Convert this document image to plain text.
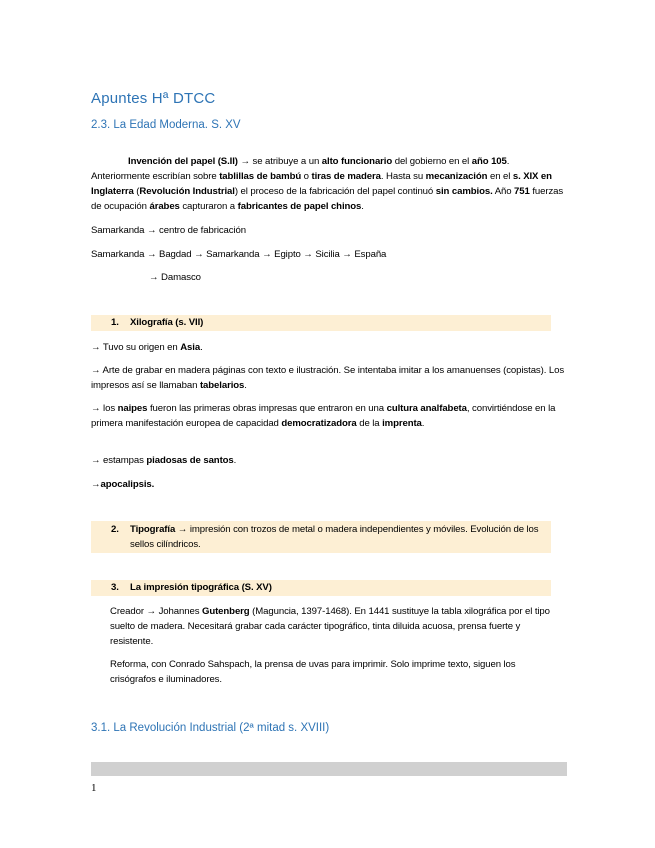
Apuntes Hª DTCC
2.3. La Edad Moderna. S. XV
Invención del papel (S.II) → se atribuye a un alto funcionario del gobierno en el año 105. Anteriormente escribían sobre tablillas de bambú o tiras de madera. Hasta su mecanización en el s. XIX en Inglaterra (Revolución Industrial) el proceso de la fabricación del papel continuó sin cambios. Año 751 fuerzas de ocupación árabes capturaron a fabricantes de papel chinos.
Samarkanda → centro de fabricación
Samarkanda → Bagdad → Samarkanda → Egipto → Sicilia → España
→ Damasco
1. Xilografía (s. VII)
→ Tuvo su origen en Asia.
→ Arte de grabar en madera páginas con texto e ilustración. Se intentaba imitar a los amanuenses (copistas). Los impresos así se llamaban tabelarios.
→ los naipes fueron las primeras obras impresas que entraron en una cultura analfabeta, convirtiéndose en la primera manifestación europea de capacidad democratizadora de la imprenta.
→ estampas piadosas de santos.
→apocalipsis.
2. Tipografía → impresión con trozos de metal o madera independientes y móviles. Evolución de los sellos cilíndricos.
3. La impresión tipográfica (S. XV)
Creador → Johannes Gutenberg (Maguncia, 1397-1468). En 1441 sustituye la tabla xilográfica por el tipo suelto de madera. Necesitará grabar cada carácter tipográfico, tinta diluida acuosa, prensa fuerte y resistente.
Reforma, con Conrado Sahspach, la prensa de uvas para imprimir. Solo imprime texto, siguen los crisógrafos e iluminadores.
3.1. La Revolución Industrial (2ª mitad s. XVIII)
1
